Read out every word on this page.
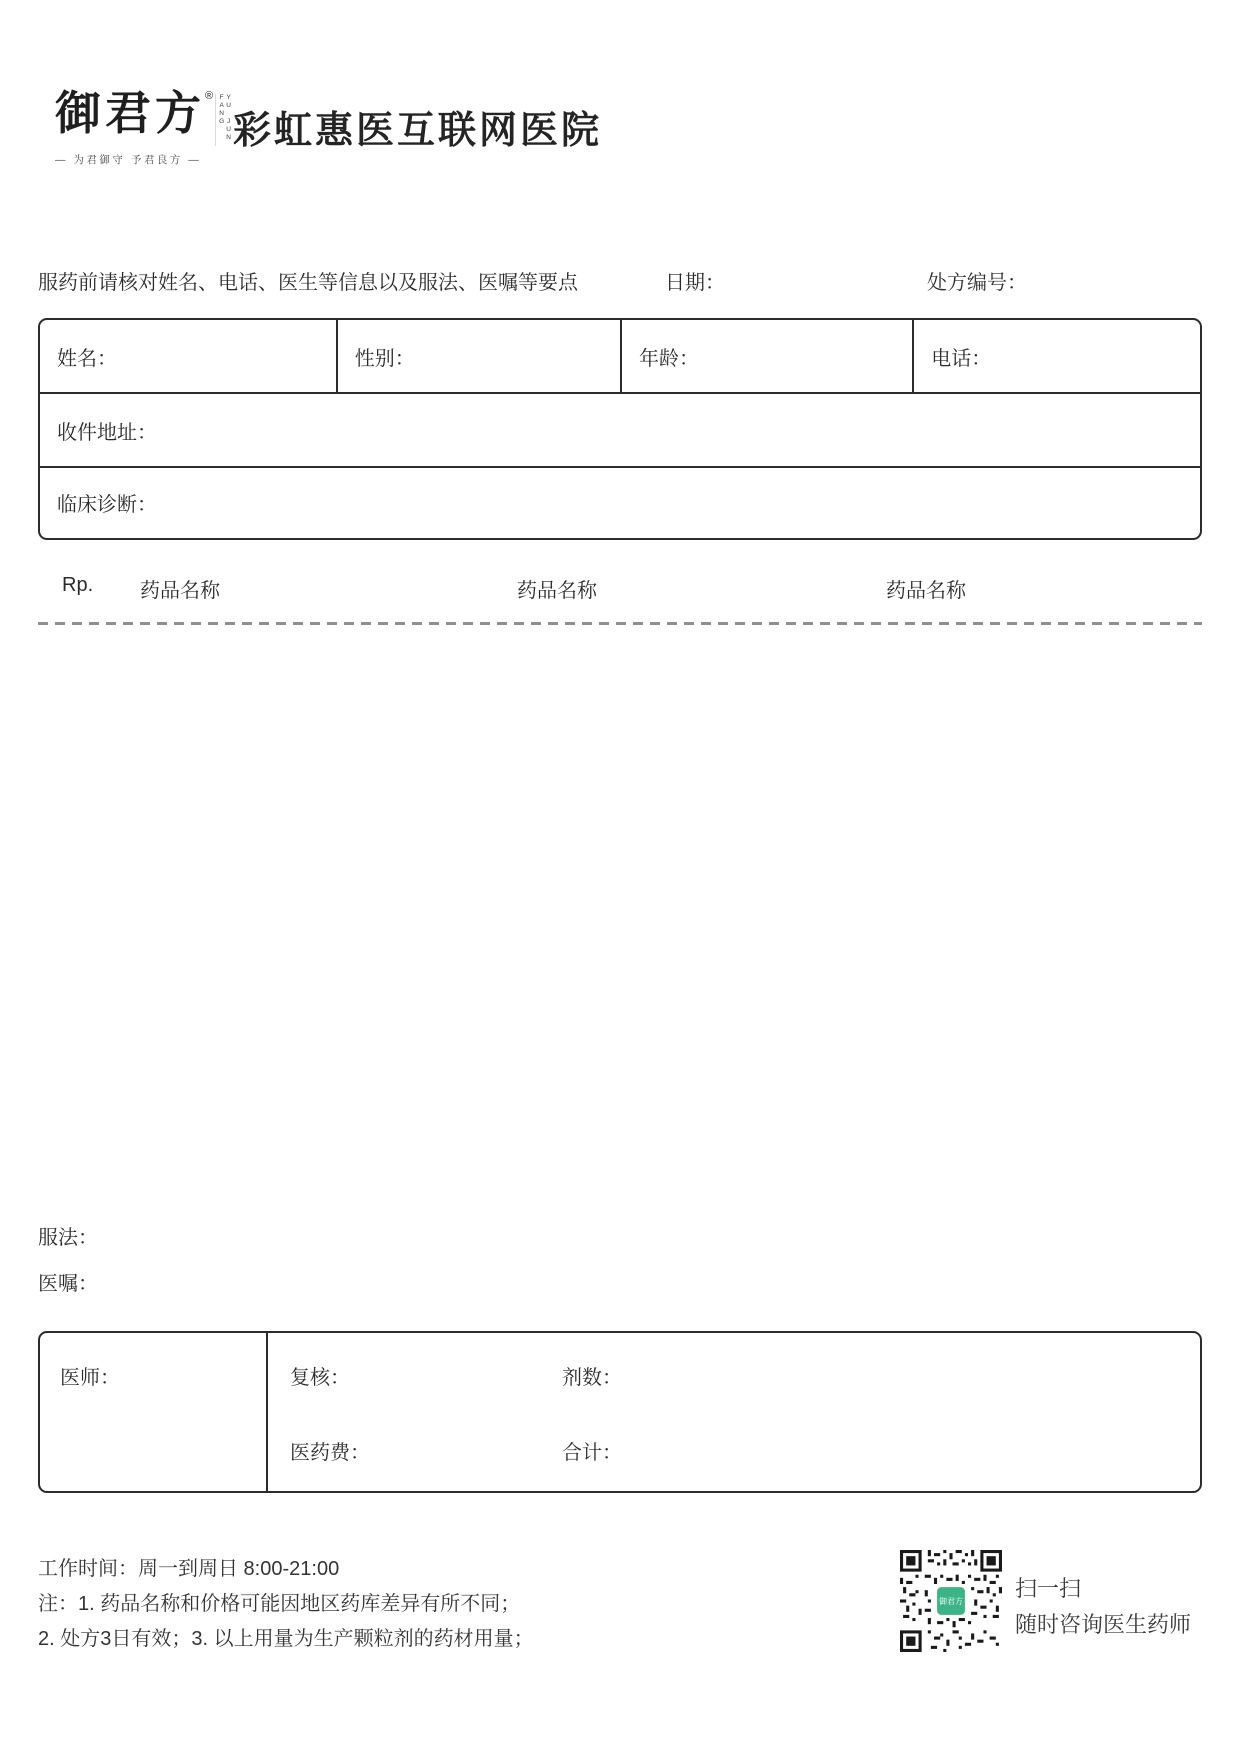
御君方 ®	YU JUN FANG
— 为君御守 予君良方 —
彩虹惠医互联网医院
服药前请核对姓名、电话、医生等信息以及服法、医嘱等要点	日期：	处方编号：
姓名：	性别：	年龄：	电话：
收件地址：
临床诊断：
Rp. 药品名称	药品名称	药品名称
服法：
医嘱：
医师：	复核：	剂数：
医药费：	合计：
工作时间：周一到周日 8:00-21:00
注：1. 药品名称和价格可能因地区药库差异有所不同；
2. 处方3日有效；3. 以上用量为生产颗粒剂的药材用量；
御君方
扫一扫
随时咨询医生药师
